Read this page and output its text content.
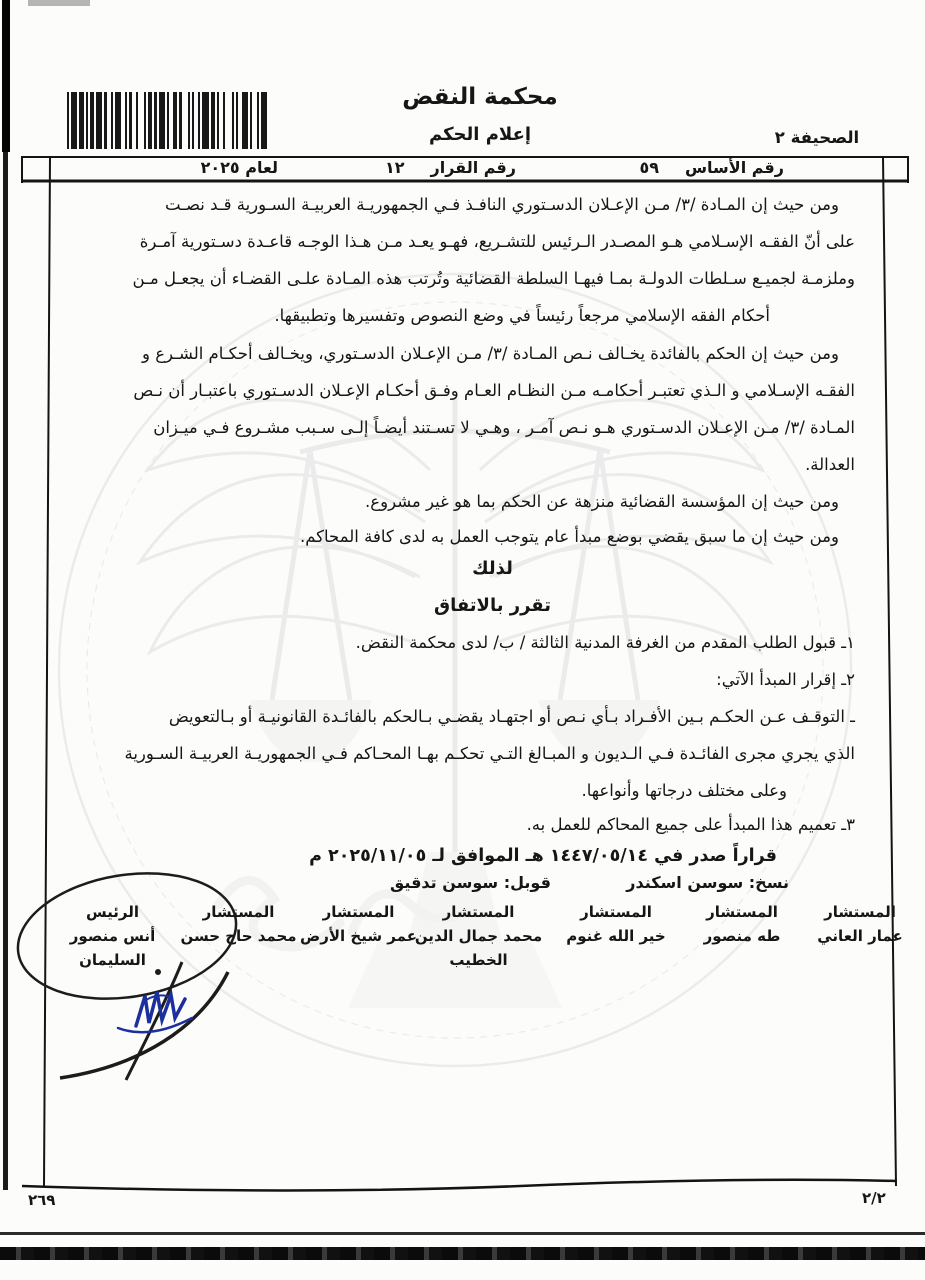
محكمة النقض
إعلام الحكم	الصحيفة ٢
رقم الأساس
٥٩
رقم القرار
١٢
لعام ٢٠٢٥
ومن حيث إن المـادة /٣/ مـن الإعـلان الدسـتوري النافـذ فـي الجمهوريـة العربيـة السـورية قـد نصـت
على أنّ الفقـه الإسـلامي هـو المصـدر الـرئيس للتشـريع، فهـو يعـد مـن هـذا الوجـه قاعـدة دسـتورية آمـرة
وملزمـة لجميـع سـلطات الدولـة بمـا فيهـا السلطة القضائية وتُرتب هذه المـادة علـى القضـاء أن يجعـل مـن
أحكام الفقه الإسلامي مرجعاً رئيساً في وضع النصوص وتفسيرها وتطبيقها.
ومن حيث إن الحكم بالفائدة يخـالف نـص المـادة /٣/ مـن الإعـلان الدسـتوري، ويخـالف أحكـام الشـرع و
الفقـه الإسـلامي و الـذي تعتبـر أحكامـه مـن النظـام العـام وفـق أحكـام الإعـلان الدسـتوري باعتبـار أن نـص
المـادة /٣/ مـن الإعـلان الدسـتوري هـو نـص آمـر ، وهـي لا تسـتند أيضـاً إلـى سـبب مشـروع فـي ميـزان
العدالة.
ومن حيث إن المؤسسة القضائية منزهة عن الحكم بما هو غير مشروع.
ومن حيث إن ما سبق يقضي بوضع مبدأ عام يتوجب العمل به لدى كافة المحاكم.
لذلك
تقرر بالاتفاق
١ـ قبول الطلب المقدم من الغرفة المدنية الثالثة / ب/ لدى محكمة النقض.
٢ـ إقرار المبدأ الآتي:
ـ التوقـف عـن الحكـم بـين الأفـراد بـأي نـص أو اجتهـاد يقضـي بـالحكم بالفائـدة القانونيـة أو بـالتعويض
الذي يجري مجرى الفائـدة فـي الـديون و المبـالغ التـي تحكـم بهـا المحـاكم فـي الجمهوريـة العربيـة السـورية
وعلى مختلف درجاتها وأنواعها.
٣ـ تعميم هذا المبدأ على جميع المحاكم للعمل به.
قراراً صدر في ١٤٤٧/٠٥/١٤ هـ الموافق لـ ٢٠٢٥/١١/٠٥ م
نسخ: سوسن اسكندر
قوبل: سوسن تدقيق
المستشار
عمار العاني
المستشار
طه منصور
المستشار
خير الله غنوم
المستشار
محمد جمال الدين
الخطيب
المستشار
عمر شيخ الأرض
المستشار
محمد حاج حسن
الرئيس
أنس منصور
السليمان
٢٦٩	٢/٢
